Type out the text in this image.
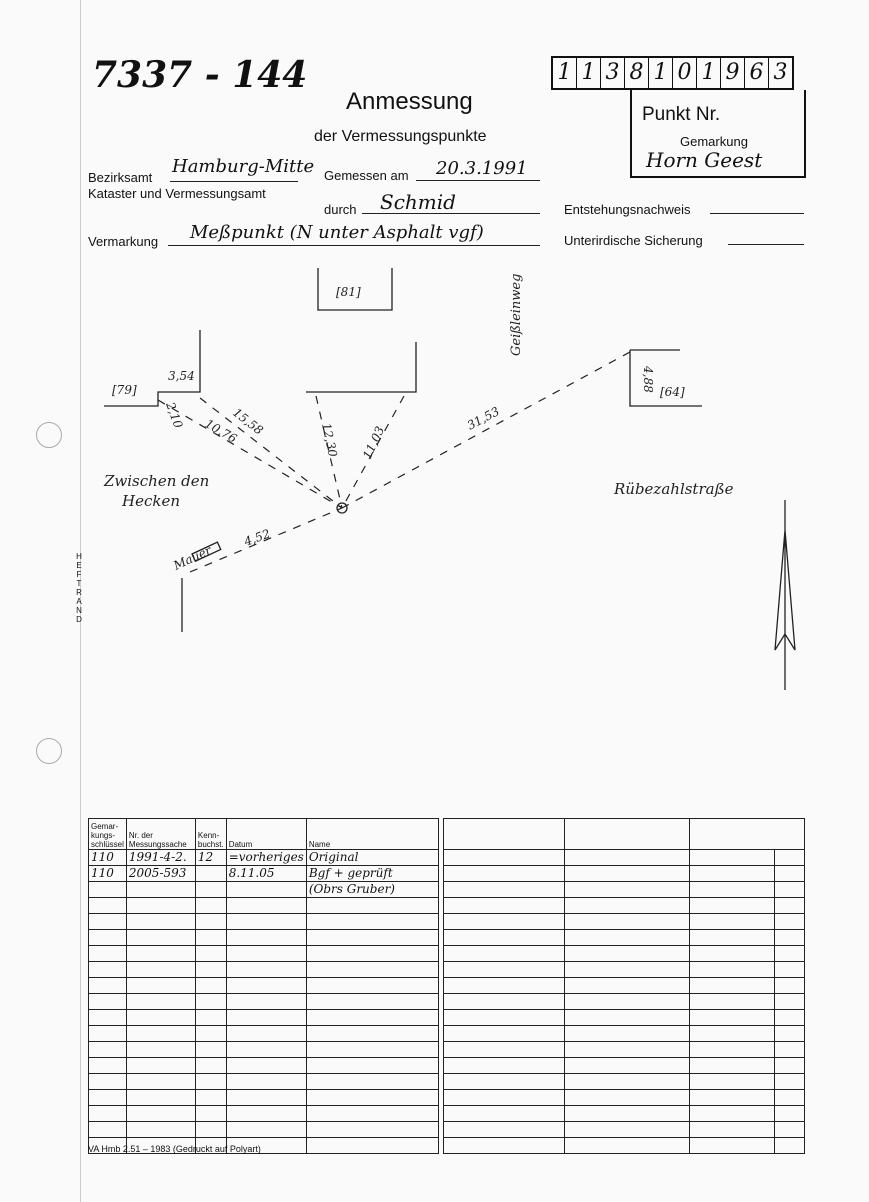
HEFTRAND
7337 - 144
Anmessung
der Vermessungspunkte
1 1 3 8 1 0 1 9 6 3
Punkt Nr.
Gemarkung
Horn Geest
Bezirksamt
Hamburg-Mitte
Kataster und Vermessungsamt
Gemessen am 20.3.1991
durch Schmid	Entstehungsnachweis
Vermarkung Meßpunkt (N unter Asphalt vgf)	Unterirdische Sicherung
[81]
[79]	[64]
Geißleinweg
Zwischen den
Hecken
Rübezahlstraße
Mauer
3,54
2,10
10,76
15,58
12,30 11,03
31,53
4,88
4,52
Gemar-kungs-schlüssel	Nr. der Messungssache	Kenn-buchst.	Datum	Name
110	1991-4-2.	12	=vorheriges	Original
110	2005-593		8.11.05	Bgf + geprüft
				(Obrs Gruber)

VA Hmb 2.51 – 1983 (Gedruckt auf Polyart)
